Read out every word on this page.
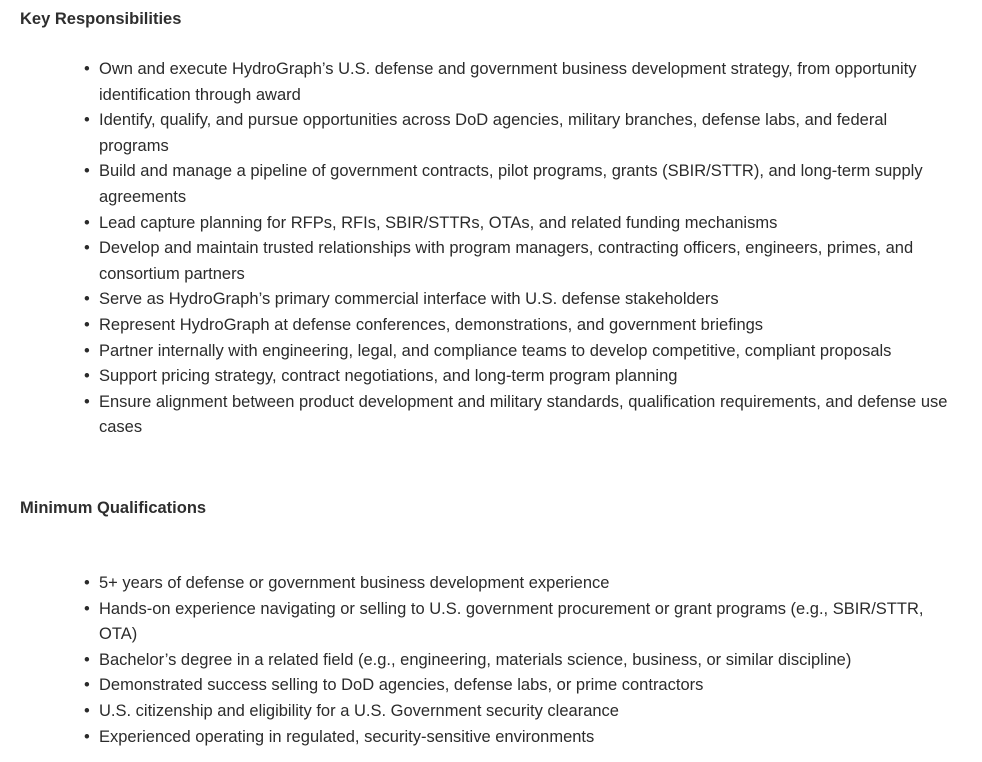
Key Responsibilities
• Own and execute HydroGraph’s U.S. defense and government business development strategy, from opportunity identification through award
• Identify, qualify, and pursue opportunities across DoD agencies, military branches, defense labs, and federal programs
• Build and manage a pipeline of government contracts, pilot programs, grants (SBIR/STTR), and long-term supply agreements
• Lead capture planning for RFPs, RFIs, SBIR/STTRs, OTAs, and related funding mechanisms
• Develop and maintain trusted relationships with program managers, contracting officers, engineers, primes, and consortium partners
• Serve as HydroGraph’s primary commercial interface with U.S. defense stakeholders
• Represent HydroGraph at defense conferences, demonstrations, and government briefings
• Partner internally with engineering, legal, and compliance teams to develop competitive, compliant proposals
• Support pricing strategy, contract negotiations, and long-term program planning
• Ensure alignment between product development and military standards, qualification requirements, and defense use cases
Minimum Qualifications
• 5+ years of defense or government business development experience
• Hands-on experience navigating or selling to U.S. government procurement or grant programs (e.g., SBIR/STTR, OTA)
• Bachelor’s degree in a related field (e.g., engineering, materials science, business, or similar discipline)
• Demonstrated success selling to DoD agencies, defense labs, or prime contractors
• U.S. citizenship and eligibility for a U.S. Government security clearance
• Experienced operating in regulated, security-sensitive environments
